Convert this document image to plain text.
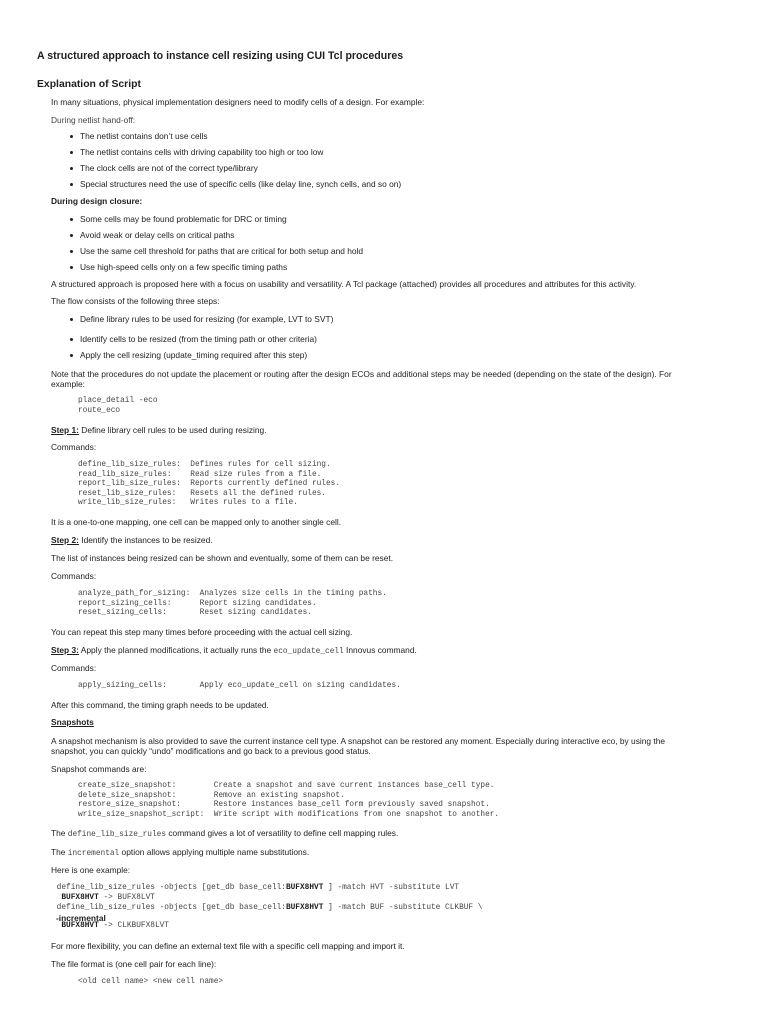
A structured approach to instance cell resizing using CUI Tcl procedures
Explanation of Script
In many situations, physical implementation designers need to modify cells of a design. For example:
During netlist hand-off:
The netlist contains don’t use cells
The netlist contains cells with driving capability too high or too low
The clock cells are not of the correct type/library
Special structures need the use of specific cells (like delay line, synch cells, and so on)
During design closure:
Some cells may be found problematic for DRC or timing
Avoid weak or delay cells on critical paths
Use the same cell threshold for paths that are critical for both setup and hold
Use high-speed cells only on a few specific timing paths
A structured approach is proposed here with a focus on usability and versatility. A Tcl package (attached) provides all procedures and attributes for this activity.
The flow consists of the following three steps:
Define library rules to be used for resizing (for example, LVT to SVT)
Identify cells to be resized (from the timing path or other criteria)
Apply the cell resizing (update_timing required after this step)
Note that the procedures do not update the placement or routing after the design ECOs and additional steps may be needed (depending on the state of the design). For
example:
place_detail -eco
route_eco
Step 1: Define library cell rules to be used during resizing.
Commands:
define_lib_size_rules:  Defines rules for cell sizing.
read_lib_size_rules:    Read size rules from a file.
report_lib_size_rules:  Reports currently defined rules.
reset_lib_size_rules:   Resets all the defined rules.
write_lib_size_rules:   Writes rules to a file.
It is a one-to-one mapping, one cell can be mapped only to another single cell.
Step 2: Identify the instances to be resized.
The list of instances being resized can be shown and eventually, some of them can be reset.
Commands:
analyze_path_for_sizing:  Analyzes size cells in the timing paths.
report_sizing_cells:      Report sizing candidates.
reset_sizing_cells:       Reset sizing candidates.
You can repeat this step many times before proceeding with the actual cell sizing.
Step 3: Apply the planned modifications, it actually runs the eco_update_cell Innovus command.
Commands:
apply_sizing_cells:       Apply eco_update_cell on sizing candidates.
After this command, the timing graph needs to be updated.
Snapshots
A snapshot mechanism is also provided to save the current instance cell type. A snapshot can be restored any moment. Especially during interactive eco, by using the
snapshot, you can quickly “undo” modifications and go back to a previous good status.
Snapshot commands are:
create_size_snapshot:        Create a snapshot and save current instances base_cell type.
delete_size_snapshot:        Remove an existing snapshot.
restore_size_snapshot:       Restore instances base_cell form previously saved snapshot.
write_size_snapshot_script:  Write script with modifications from one snapshot to another.
The define_lib_size_rules command gives a lot of versatility to define cell mapping rules.
The incremental option allows applying multiple name substitutions.
Here is one example:
define_lib_size_rules -objects [get_db base_cell:BUFX8HVT ] -match HVT -substitute LVT
BUFX8HVT -> BUFX8LVT
define_lib_size_rules -objects [get_db base_cell:BUFX8HVT ] -match BUF -substitute CLKBUF \
-incremental
BUFX8HVT -> CLKBUFX8LVT
For more flexibility, you can define an external text file with a specific cell mapping and import it.
The file format is (one cell pair for each line):
<old cell name> <new cell name>
